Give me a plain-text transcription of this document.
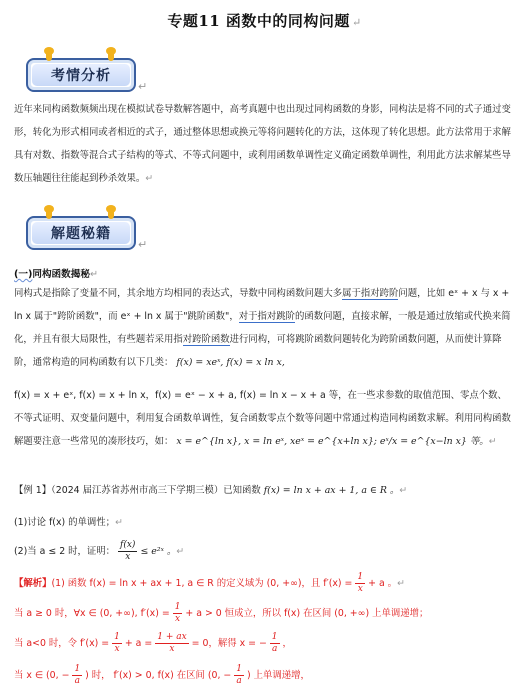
专题11 函数中的同构问题 ↵
考情分析
↵
近年来同构函数频频出现在模拟试卷导数解答题中，高考真题中也出现过同构函数的身影，同构法是将不同的式子通过变形，转化为形式相同或者相近的式子，通过整体思想或换元等将问题转化的方法，这体现了转化思想。此方法常用于求解具有对数、指数等混合式子结构的等式、不等式问题中，或利用函数单调性定义确定函数单调性，利用此方法求解某些导数压轴题往往能起到秒杀效果。↵
解题秘籍
↵
(一)同构函数揭秘↵
同构式是指除了变量不同，其余地方均相同的表达式，导数中同构函数问题大多属于指对跨阶问题，比如 eˣ + x 与 x + ln x 属于"跨阶函数"，而 eˣ + ln x 属于"跳阶函数"，对于指对跳阶的函数问题，直接求解，一般是通过放缩或代换来简化，并且有很大局限性，有些题若采用指对跨阶函数进行同构，可将跳阶函数问题转化为跨阶函数问题，从而使计算降阶，通常构造的同构函数有以下几类： f(x) = xeˣ, f(x) = x ln x,
f(x) = x + eˣ, f(x) = x + ln x，f(x) = eˣ − x + a, f(x) = ln x − x + a 等，在一些求参数的取值范围、零点个数、不等式证明、双变量问题中，利用复合函数单调性，复合函数零点个数等问题中常通过构造同构函数求解。利用同构函数解题要注意一些常见的凑形技巧，如： x = e^{ln x}, x = ln eˣ, xeˣ = e^{x+ln x}; eˣ/x = e^{x−ln x} 等。↵
【例 1】（2024 届江苏省苏州市高三下学期三模）已知函数 f(x) = ln x + ax + 1, a ∈ R 。↵
(1)讨论 f(x) 的单调性；↵
(2)当 a ≤ 2 时，证明： $\frac{f(x)}{x}$ ≤ e²ˣ 。↵
【解析】(1) 函数 f(x) = ln x + ax + 1, a ∈ R 的定义域为 (0, +∞)，且 $f'(x) = \frac{1}{x} + a$ 。↵
当 a ≥ 0 时，∀x ∈ (0, +∞), $f'(x) = \frac{1}{x} + a > 0$ 恒成立，所以 f(x) 在区间 (0, +∞) 上单调递增；
当 a<0 时，令 $f'(x) = \frac{1}{x} + a = \frac{1 + ax}{x} = 0$，解得 x = − $\frac{1}{a}$ ，
当 x ∈ (0, − $\frac{1}{a}$ ) 时， f′(x) > 0, f(x) 在区间 (0, − $\frac{1}{a}$ ) 上单调递增，
